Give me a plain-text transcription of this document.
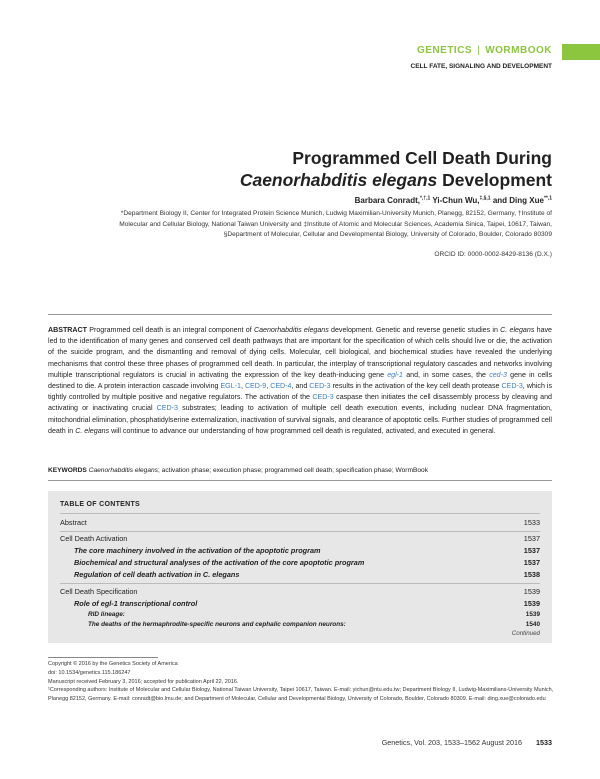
GENETICS | WORMBOOK
CELL FATE, SIGNALING AND DEVELOPMENT
Programmed Cell Death During
Caenorhabditis elegans Development
Barbara Conradt,$^{*,\dagger,1}$ Yi-Chun Wu,$^{\ddagger,\S,1}$ and Ding Xue$^{**,1}$
*Department Biology II, Center for Integrated Protein Science Munich, Ludwig Maximilian-University Munich, Planegg, 82152, Germany, †Institute of Molecular and Cellular Biology, National Taiwan University and ‡Institute of Atomic and Molecular Sciences, Academia Sinica, Taipei, 10617, Taiwan, §Department of Molecular, Cellular and Developmental Biology, University of Colorado, Boulder, Colorado 80309
ORCID ID: 0000-0002-8429-8136 (D.X.)
ABSTRACT Programmed cell death is an integral component of Caenorhabditis elegans development. Genetic and reverse genetic studies in C. elegans have led to the identification of many genes and conserved cell death pathways that are important for the specification of which cells should live or die, the activation of the suicide program, and the dismantling and removal of dying cells. Molecular, cell biological, and biochemical studies have revealed the underlying mechanisms that control these three phases of programmed cell death. In particular, the interplay of transcriptional regulatory cascades and networks involving multiple transcriptional regulators is crucial in activating the expression of the key death-inducing gene egl-1 and, in some cases, the ced-3 gene in cells destined to die. A protein interaction cascade involving EGL-1, CED-9, CED-4, and CED-3 results in the activation of the key cell death protease CED-3, which is tightly controlled by multiple positive and negative regulators. The activation of the CED-3 caspase then initiates the cell disassembly process by cleaving and activating or inactivating crucial CED-3 substrates; leading to activation of multiple cell death execution events, including nuclear DNA fragmentation, mitochondrial elimination, phosphatidylserine externalization, inactivation of survival signals, and clearance of apoptotic cells. Further studies of programmed cell death in C. elegans will continue to advance our understanding of how programmed cell death is regulated, activated, and executed in general.
KEYWORDS Caenorhabditis elegans; activation phase; execution phase; programmed cell death; specification phase; WormBook
TABLE OF CONTENTS
Abstract	1533
Cell Death Activation	1537
The core machinery involved in the activation of the apoptotic program	1537
Biochemical and structural analyses of the activation of the core apoptotic program	1537
Regulation of cell death activation in C. elegans	1538
Cell Death Specification	1539
Role of egl-1 transcriptional control	1539
RID lineage:	1539
The deaths of the hermaphrodite-specific neurons and cephalic companion neurons:	1540
Continued
Copyright © 2016 by the Genetics Society of America
doi: 10.1534/genetics.115.186247
Manuscript received February 3, 2016; accepted for publication April 22, 2016.
¹Corresponding authors: Institute of Molecular and Cellular Biology, National Taiwan University, Taipei 10617, Taiwan. E-mail: yichun@ntu.edu.tw; Department Biology II, Ludwig-Maximilians-University Munich, Planegg 82152, Germany. E-mail: conradt@bio.lmu.de; and Department of Molecular, Cellular and Developmental Biology, University of Colorado, Boulder, Colorado 80309. E-mail: ding.xue@colorado.edu
Genetics, Vol. 203, 1533–1562 August 2016 1533
